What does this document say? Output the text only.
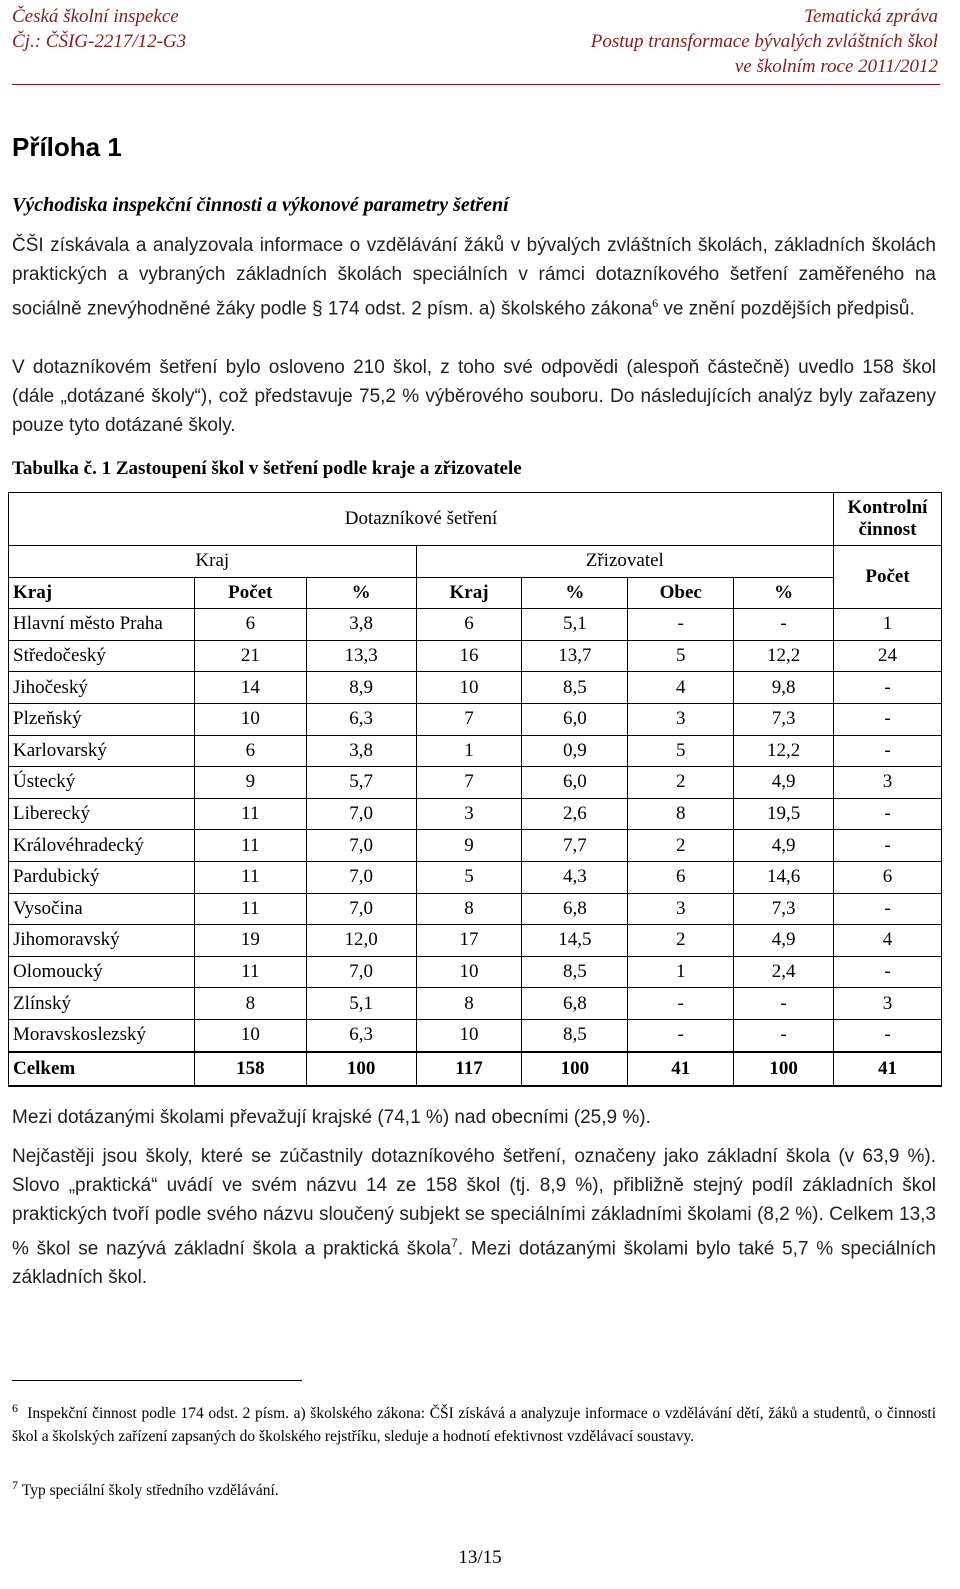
Česká školní inspekce
Čj.: ČŠIG-2217/12-G3
Tematická zpráva
Postup transformace bývalých zvláštních škol
ve školním roce 2011/2012
Příloha 1
Východiska inspekční činnosti a výkonové parametry šetření
ČŠI získávala a analyzovala informace o vzdělávání žáků v bývalých zvláštních školách, základních školách praktických a vybraných základních školách speciálních v rámci dotazníkového šetření zaměřeného na sociálně znevýhodněné žáky podle § 174 odst. 2 písm. a) školského zákona$^6$ ve znění pozdějších předpisů.
V dotazníkovém šetření bylo osloveno 210 škol, z toho své odpovědi (alespoň částečně) uvedlo 158 škol (dále „dotázané školy“), což představuje 75,2 % výběrového souboru. Do následujících analýz byly zařazeny pouze tyto dotázané školy.
Tabulka č. 1 Zastoupení škol v šetření podle kraje a zřizovatele
Dotazníkové šetření							Kontrolní činnost
Kraj			Zřizovatel				Počet
Kraj	Počet	%	Kraj	%	Obec	%	
Hlavní město Praha	6	3,8	6	5,1	-	-	1
Středočeský	21	13,3	16	13,7	5	12,2	24
Jihočeský	14	8,9	10	8,5	4	9,8	-
Plzeňský	10	6,3	7	6,0	3	7,3	-
Karlovarský	6	3,8	1	0,9	5	12,2	-
Ústecký	9	5,7	7	6,0	2	4,9	3
Liberecký	11	7,0	3	2,6	8	19,5	-
Královéhradecký	11	7,0	9	7,7	2	4,9	-
Pardubický	11	7,0	5	4,3	6	14,6	6
Vysočina	11	7,0	8	6,8	3	7,3	-
Jihomoravský	19	12,0	17	14,5	2	4,9	4
Olomoucký	11	7,0	10	8,5	1	2,4	-
Zlínský	8	5,1	8	6,8	-	-	3
Moravskoslezský	10	6,3	10	8,5	-	-	-
Celkem	158	100	117	100	41	100	41
Mezi dotázanými školami převažují krajské (74,1 %) nad obecními (25,9 %).
Nejčastěji jsou školy, které se zúčastnily dotazníkového šetření, označeny jako základní škola (v 63,9 %). Slovo „praktická“ uvádí ve svém názvu 14 ze 158 škol (tj. 8,9 %), přibližně stejný podíl základních škol praktických tvoří podle svého názvu sloučený subjekt se speciálními základními školami (8,2 %). Celkem 13,3 % škol se nazývá základní škola a praktická škola$^7$. Mezi dotázanými školami bylo také 5,7 % speciálních základních škol.
$^6$ Inspekční činnost podle 174 odst. 2 písm. a) školského zákona: ČŠI získává a analyzuje informace o vzdělávání dětí, žáků a studentů, o činnosti škol a školských zařízení zapsaných do školského rejstříku, sleduje a hodnotí efektivnost vzdělávací soustavy.
$^7$ Typ speciální školy středního vzdělávání.
13/15
